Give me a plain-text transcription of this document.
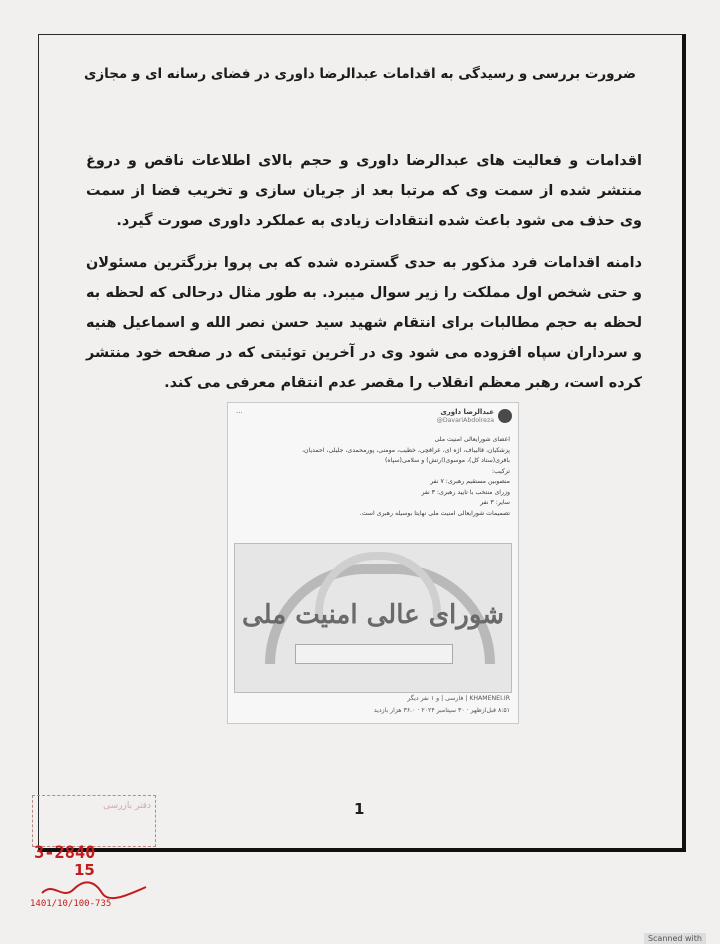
ضرورت بررسی و رسیدگی به اقدامات عبدالرضا داوری در فضای رسانه ای و مجازی

اقدامات و فعالیت های عبدالرضا داوری و حجم بالای اطلاعات ناقص و دروغ منتشر شده از سمت وی که مرتبا بعد از جریان سازی و تخریب فضا از سمت وی حذف می شود باعث شده انتقادات زیادی به عملکرد داوری صورت گیرد.

دامنه اقدامات فرد مذکور به حدی گسترده شده که بی پروا بزرگترین مسئولان و حتی شخص اول مملکت را زیر سوال میبرد. به طور مثال درحالی که لحظه به لحظه به حجم مطالبات برای انتقام شهید سید حسن نصر الله و اسماعیل هنیه و سرداران سپاه افزوده می شود وی در آخرین توئیتی که در صفحه خود منتشر کرده است، رهبر معظم انقلاب را مقصر عدم انتقام معرفی می کند.

عبدالرضا داوری
@DavariAbdolreza
···
اعضای شورایعالی امنیت ملی
پزشکیان، قالیباف، اژه ای، عراقچی، خطیب، مومنی، پورمحمدی، جلیلی، احمدیان،
باقری(ستاد کل)، موسوی(ارتش) و سلامی(سپاه)
ترکیب:
منصوبین مستقیم رهبری: ۷ نفر
وزرای منتخب با تایید رهبری: ۳ نفر
سایر: ۳ نفر
تصمیمات شورایعالی امنیت ملی نهایتا بوسیله رهبری است.
شورای عالی امنیت ملی
KHAMENEI.IR | فارسی | و ۱ نفر دیگر
۸:۵۱ قبل‌ازظهر · ۳۰ سپتامبر ۲۰۲۴ · ۳۶.۰ هزار بازدید
1
دفتر بازرسی
3-2840
15
1401/10/100-735
Scanned with
